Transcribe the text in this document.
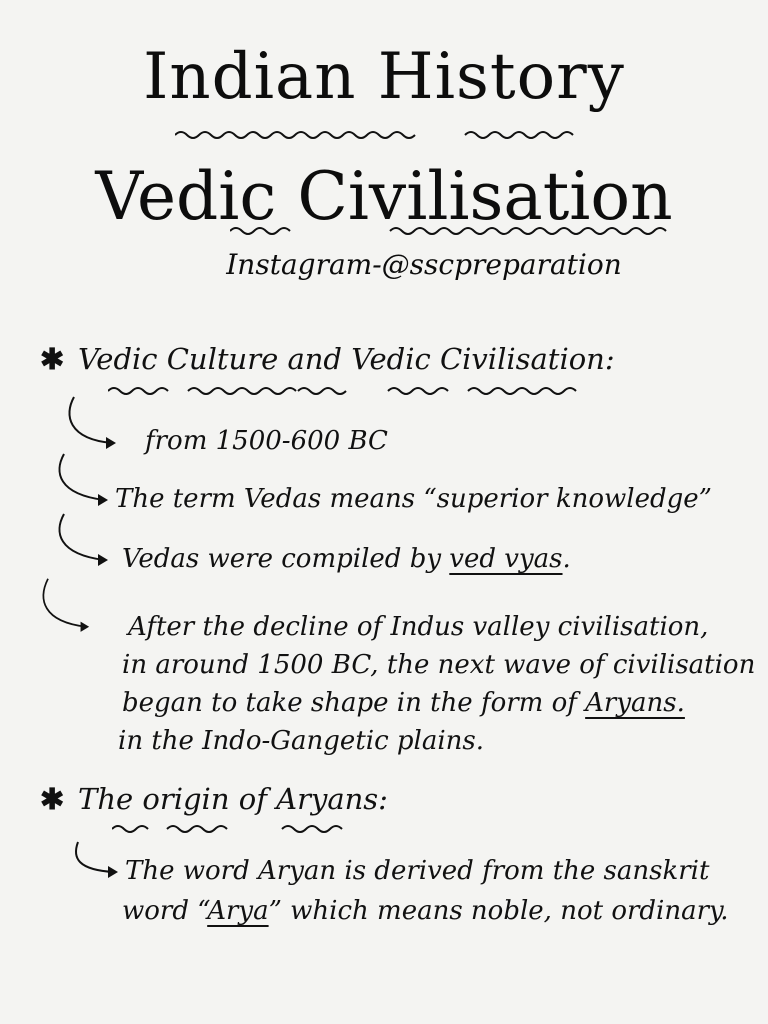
Indian History
Vedic Civilisation
Instagram-@sscpreparation
✱ Vedic Culture and Vedic Civilisation:
from 1500-600 BC
The term Vedas means “superior knowledge”
Vedas were compiled by ved vyas.
After the decline of Indus valley civilisation,
in around 1500 BC, the next wave of civilisation
began to take shape in the form of Aryans.
in the Indo-Gangetic plains.
✱ The origin of Aryans:
The word Aryan is derived from the sanskrit
word “Arya” which means noble, not ordinary.
